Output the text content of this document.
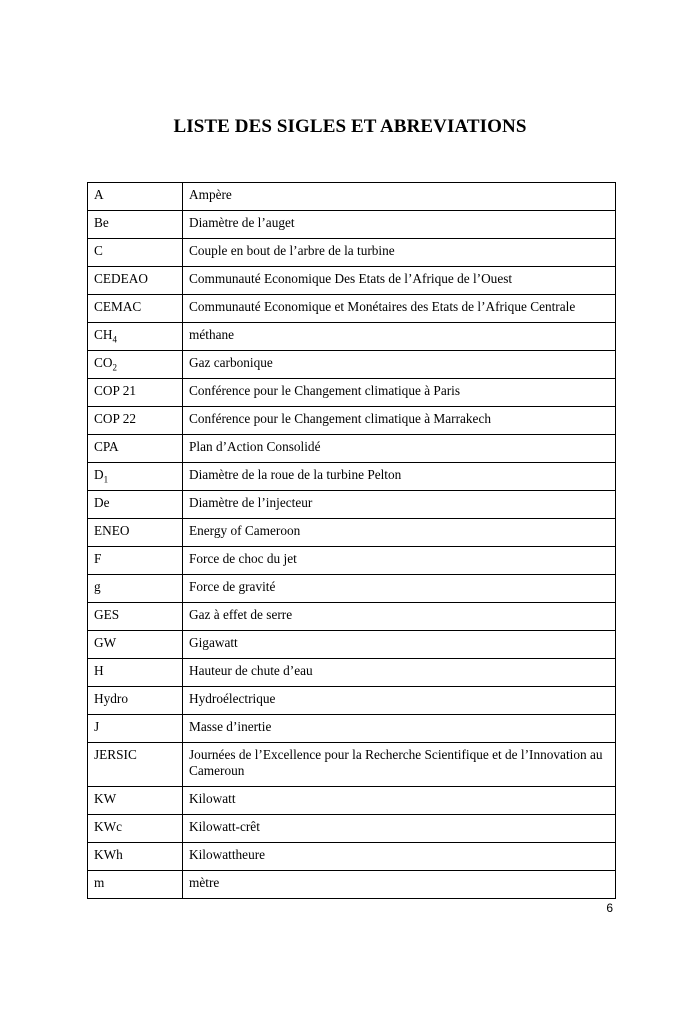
LISTE DES SIGLES ET ABREVIATIONS
A	Ampère
Be	Diamètre de l’auget
C	Couple en bout de l’arbre de la turbine
CEDEAO	Communauté Economique Des Etats de l’Afrique de l’Ouest
CEMAC	Communauté Economique et Monétaires des Etats de l’Afrique Centrale
$CH_4$	méthane
$CO_2$	Gaz carbonique
COP 21	Conférence pour le Changement climatique à Paris
COP 22	Conférence pour le Changement climatique à Marrakech
CPA	Plan d’Action Consolidé
$D_1$	Diamètre de la roue de la turbine Pelton
De	Diamètre de l’injecteur
ENEO	Energy of Cameroon
F	Force de choc du jet
g	Force de gravité
GES	Gaz à effet de serre
GW	Gigawatt
H	Hauteur de chute d’eau
Hydro	Hydroélectrique
J	Masse d’inertie
JERSIC	Journées de l’Excellence pour la Recherche Scientifique et de l’Innovation au Cameroun
KW	Kilowatt
KWc	Kilowatt-crêt
KWh	Kilowattheure
m	mètre
6
